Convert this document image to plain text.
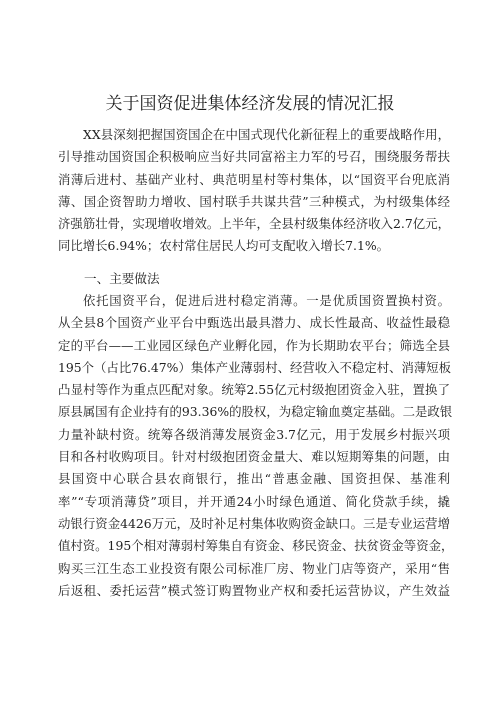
关于国资促进集体经济发展的情况汇报
XX县深刻把握国资国企在中国式现代化新征程上的重要战略作用，
引导推动国资国企积极响应当好共同富裕主力军的号召，围绕服务帮扶
消薄后进村、基础产业村、典范明星村等村集体，以“国资平台兜底消
薄、国企资智助力增收、国村联手共谋共营”三种模式，为村级集体经
济强筋壮骨，实现增收增效。上半年，全县村级集体经济收入2.7亿元，
同比增长6.94%；农村常住居民人均可支配收入增长7.1%。
一、主要做法
依托国资平台，促进后进村稳定消薄。一是优质国资置换村资。
从全县8个国资产业平台中甄选出最具潜力、成长性最高、收益性最稳
定的平台——工业园区绿色产业孵化园，作为长期助农平台；筛选全县
195个（占比76.47%）集体产业薄弱村、经营收入不稳定村、消薄短板
凸显村等作为重点匹配对象。统筹2.55亿元村级抱团资金入驻，置换了
原县属国有企业持有的93.36%的股权，为稳定输血奠定基础。二是政银
力量补缺村资。统筹各级消薄发展资金3.7亿元，用于发展乡村振兴项
目和各村收购项目。针对村级抱团资金量大、难以短期筹集的问题，由
县国资中心联合县农商银行，推出“普惠金融、国资担保、基准利
率”“专项消薄贷”项目，并开通24小时绿色通道、简化贷款手续，撬
动银行资金4426万元，及时补足村集体收购资金缺口。三是专业运营增
值村资。195个相对薄弱村筹集自有资金、移民资金、扶贫资金等资金，
购买三江生态工业投资有限公司标准厂房、物业门店等资产，采用“售
后返租、委托运营”模式签订购置物业产权和委托运营协议，产生效益
